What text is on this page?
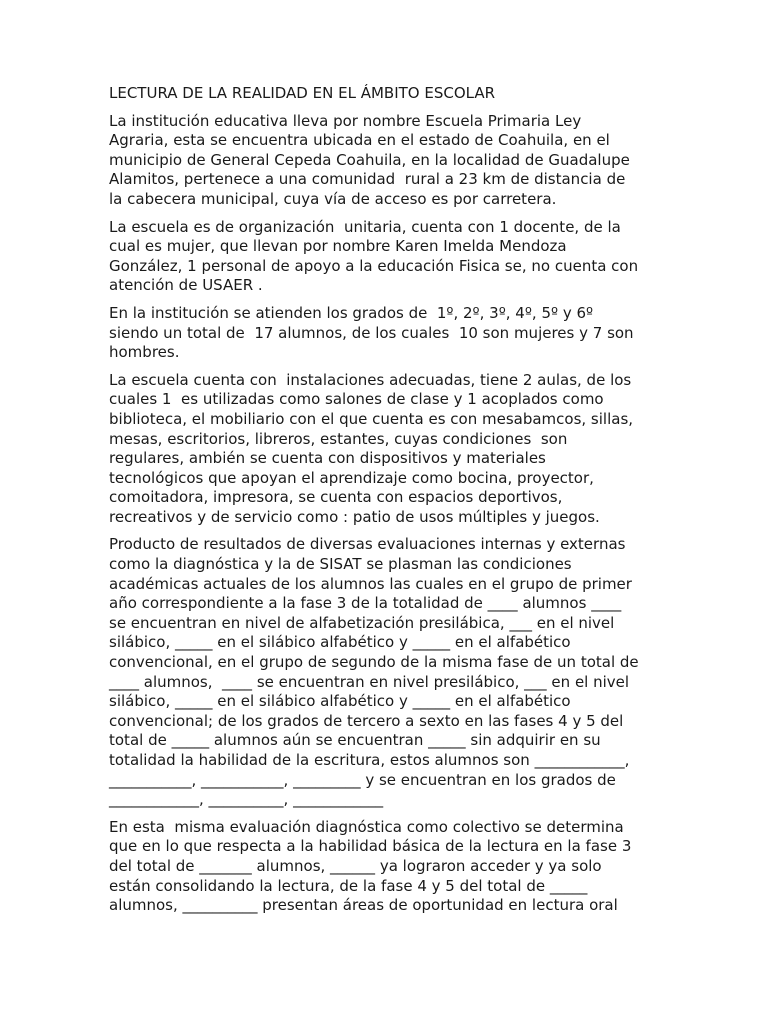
LECTURA DE LA REALIDAD EN EL ÁMBITO ESCOLAR
La institución educativa lleva por nombre Escuela Primaria Ley
Agraria, esta se encuentra ubicada en el estado de Coahuila, en el
municipio de General Cepeda Coahuila, en la localidad de Guadalupe
Alamitos, pertenece a una comunidad  rural a 23 km de distancia de
la cabecera municipal, cuya vía de acceso es por carretera.
La escuela es de organización  unitaria, cuenta con 1 docente, de la
cual es mujer, que llevan por nombre Karen Imelda Mendoza
González, 1 personal de apoyo a la educación Fisica se, no cuenta con
atención de USAER .
En la institución se atienden los grados de  1º, 2º, 3º, 4º, 5º y 6º
siendo un total de  17 alumnos, de los cuales  10 son mujeres y 7 son
hombres.
La escuela cuenta con  instalaciones adecuadas, tiene 2 aulas, de los
cuales 1  es utilizadas como salones de clase y 1 acoplados como
biblioteca, el mobiliario con el que cuenta es con mesabamcos, sillas,
mesas, escritorios, libreros, estantes, cuyas condiciones  son
regulares, ambién se cuenta con dispositivos y materiales
tecnológicos que apoyan el aprendizaje como bocina, proyector,
comoitadora, impresora, se cuenta con espacios deportivos,
recreativos y de servicio como : patio de usos múltiples y juegos.
Producto de resultados de diversas evaluaciones internas y externas
como la diagnóstica y la de SISAT se plasman las condiciones
académicas actuales de los alumnos las cuales en el grupo de primer
año correspondiente a la fase 3 de la totalidad de ____ alumnos ____
se encuentran en nivel de alfabetización presilábica, ___ en el nivel
silábico, _____ en el silábico alfabético y _____ en el alfabético
convencional, en el grupo de segundo de la misma fase de un total de
____ alumnos,  ____ se encuentran en nivel presilábico, ___ en el nivel
silábico, _____ en el silábico alfabético y _____ en el alfabético
convencional; de los grados de tercero a sexto en las fases 4 y 5 del
total de _____ alumnos aún se encuentran _____ sin adquirir en su
totalidad la habilidad de la escritura, estos alumnos son ____________,
___________, ___________, _________ y se encuentran en los grados de
____________, __________, ____________
En esta  misma evaluación diagnóstica como colectivo se determina
que en lo que respecta a la habilidad básica de la lectura en la fase 3
del total de _______ alumnos, ______ ya lograron acceder y ya solo
están consolidando la lectura, de la fase 4 y 5 del total de _____
alumnos, __________ presentan áreas de oportunidad en lectura oral
